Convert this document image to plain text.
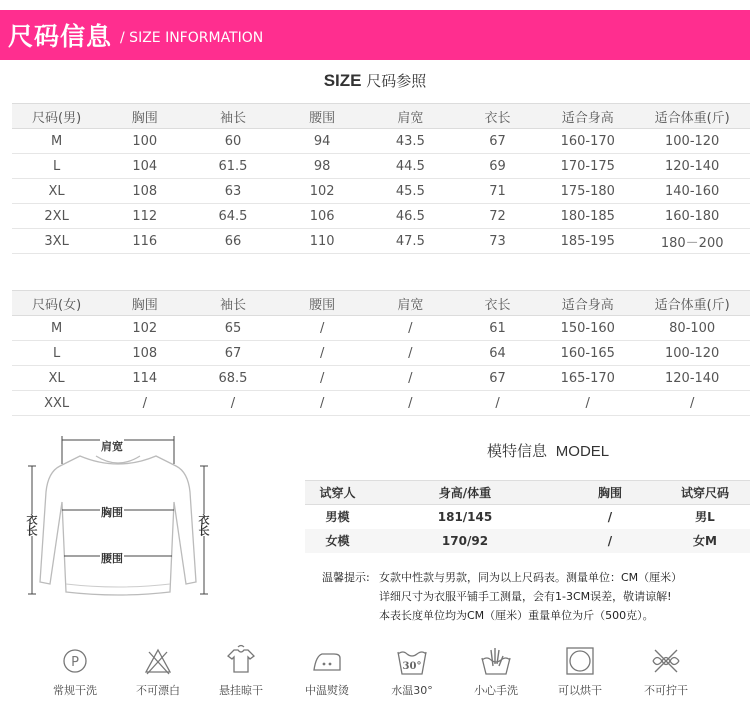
尺码信息 / SIZE INFORMATION
SIZE 尺码参照
尺码(男)	胸围	袖长	腰围	肩宽	衣长	适合身高	适合体重(斤)
M	100	60	94	43.5	67	160-170	100-120
L	104	61.5	98	44.5	69	170-175	120-140
XL	108	63	102	45.5	71	175-180	140-160
2XL	112	64.5	106	46.5	72	180-185	160-180
3XL	116	66	110	47.5	73	185-195	180－200
尺码(女)	胸围	袖长	腰围	肩宽	衣长	适合身高	适合体重(斤)
M	102	65	/	/	61	150-160	80-100
L	108	67	/	/	64	160-165	100-120
XL	114	68.5	/	/	67	165-170	120-140
XXL	/	/	/	/	/	/	/
肩宽
胸围
腰围
衣长	衣长
模特信息 MODEL
试穿人	身高/体重	胸围	试穿尺码
男模	181/145	/	男L
女模	170/92	/	女M
温馨提示: 女款中性款与男款，同为以上尺码表。测量单位：CM（厘米）
详细尺寸为衣服平铺手工测量，会有1-3CM误差，敬请谅解!
本表长度单位均为CM（厘米）重量单位为斤（500克）。
P
常规干洗	不可漂白	悬挂晾干	中温熨烫
30°
水温30°	小心手洗	可以烘干	不可拧干
